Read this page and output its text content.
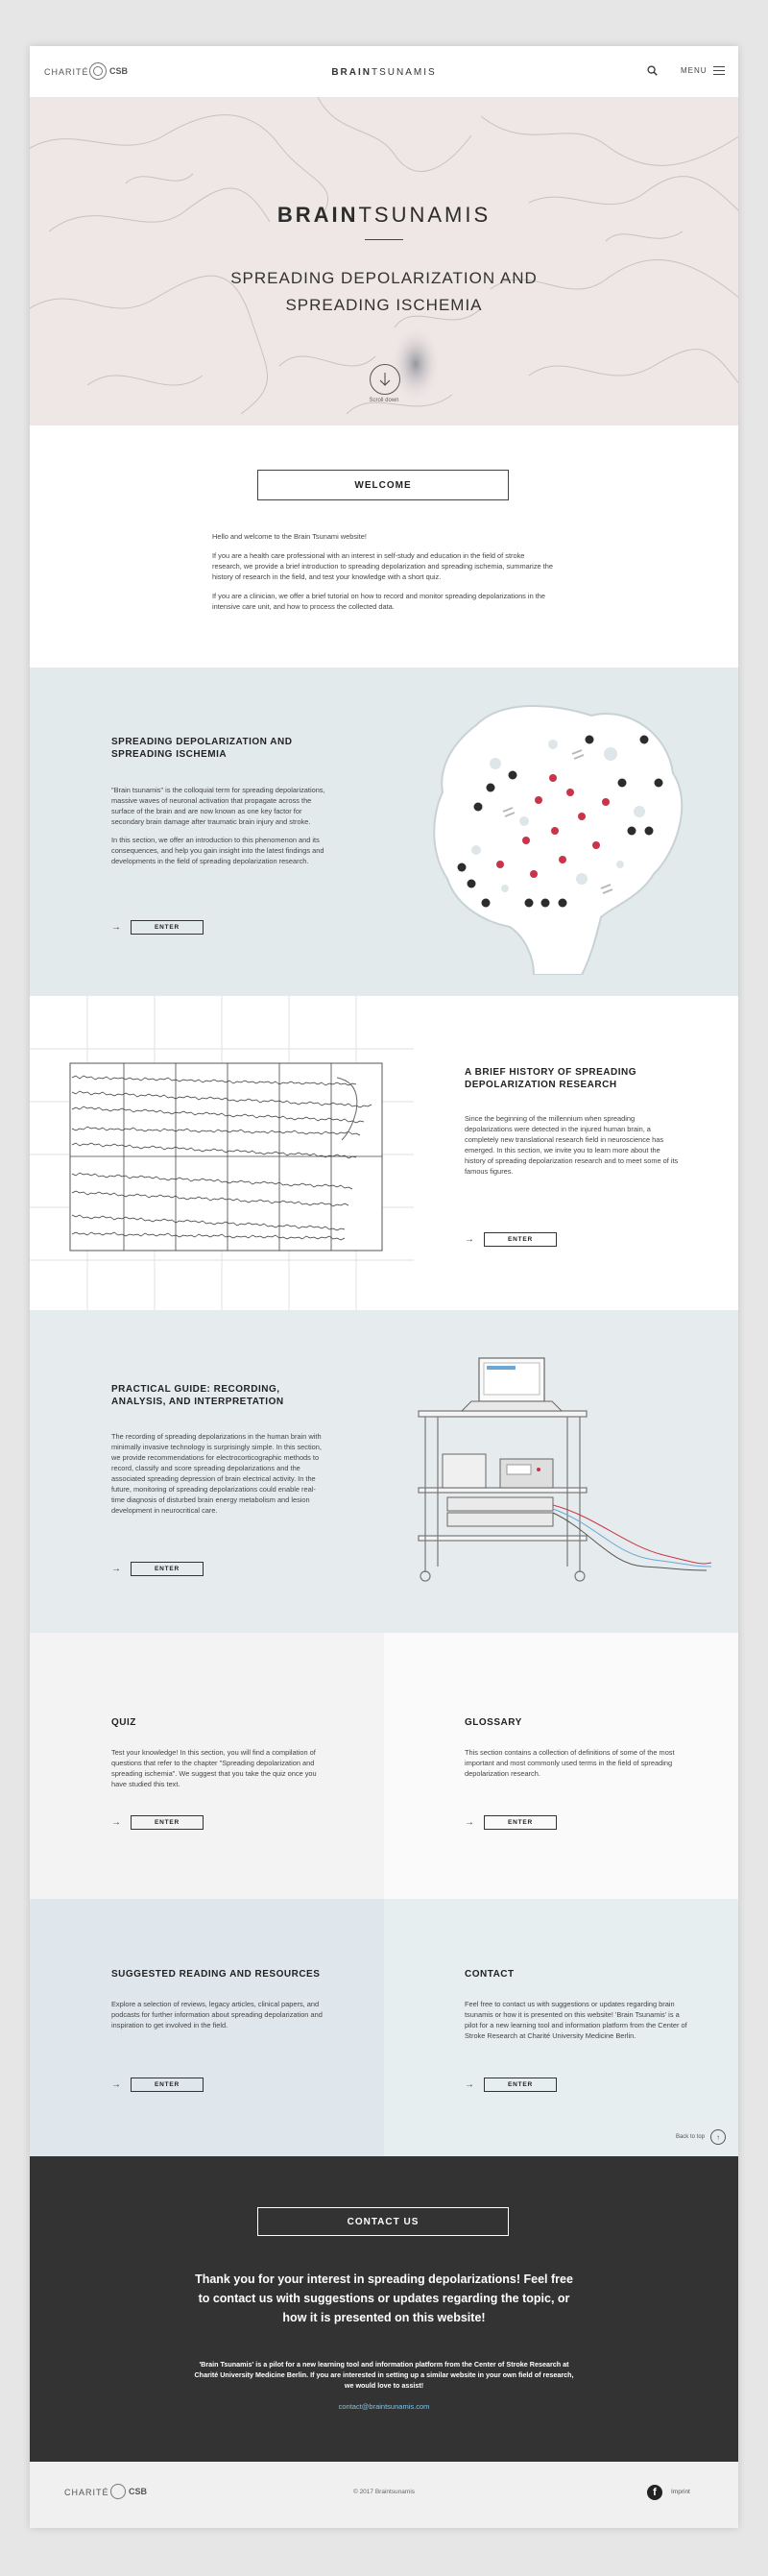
CHARITÉ CSB	BRAINTSUNAMIS	MENU
BRAINTSUNAMIS
SPREADING DEPOLARIZATION AND
SPREADING ISCHEMIA
Scroll down
WELCOME

Hello and welcome to the Brain Tsunami website!

If you are a health care professional with an interest in self-study and education in the field of stroke research, we provide a brief introduction to spreading depolarization and spreading ischemia, summarize the history of research in the field, and test your knowledge with a short quiz.

If you are a clinician, we offer a brief tutorial on how to record and monitor spreading depolarizations in the intensive care unit, and how to process the collected data.

SPREADING DEPOLARIZATION AND
SPREADING ISCHEMIA

"Brain tsunamis" is the colloquial term for spreading depolarizations, massive waves of neuronal activation that propagate across the surface of the brain and are now known as one key factor for secondary brain damage after traumatic brain injury and stroke.

In this section, we offer an introduction to this phenomenon and its consequences, and help you gain insight into the latest findings and developments in the field of spreading depolarization research.

→	ENTER
A BRIEF HISTORY OF SPREADING
DEPOLARIZATION RESEARCH

Since the beginning of the millennium when spreading depolarizations were detected in the injured human brain, a completely new translational research field in neuroscience has emerged. In this section, we invite you to learn more about the history of spreading depolarization research and to meet some of its famous figures.

→	ENTER
PRACTICAL GUIDE: RECORDING,
ANALYSIS, AND INTERPRETATION

The recording of spreading depolarizations in the human brain with minimally invasive technology is surprisingly simple. In this section, we provide recommendations for electrocorticographic methods to record, classify and score spreading depolarizations and the associated spreading depression of brain electrical activity. In the future, monitoring of spreading depolarizations could enable real-time diagnosis of disturbed brain energy metabolism and lesion development in neurocritical care.

→	ENTER
QUIZ

Test your knowledge! In this section, you will find a compilation of questions that refer to the chapter "Spreading depolarization and spreading ischemia". We suggest that you take the quiz once you have studied this text.

→	ENTER
GLOSSARY

This section contains a collection of definitions of some of the most important and most commonly used terms in the field of spreading depolarization research.

→	ENTER
SUGGESTED READING AND RESOURCES

Explore a selection of reviews, legacy articles, clinical papers, and podcasts for further information about spreading depolarization and inspiration to get involved in the field.

→	ENTER
CONTACT

Feel free to contact us with suggestions or updates regarding brain tsunamis or how it is presented on this website! 'Brain Tsunamis' is a pilot for a new learning tool and information platform from the Center of Stroke Research at Charité University Medicine Berlin.

→	ENTER
Back to top	↑
CONTACT US
Thank you for your interest in spreading depolarizations! Feel free to contact us with suggestions or updates regarding the topic, or how it is presented on this website!
'Brain Tsunamis' is a pilot for a new learning tool and information platform from the Center of Stroke Research at Charité University Medicine Berlin. If you are interested in setting up a similar website in your own field of research, we would love to assist!
contact@braintsunamis.com
CHARITÉ CSB	© 2017 Braintsunamis	f	Imprint
